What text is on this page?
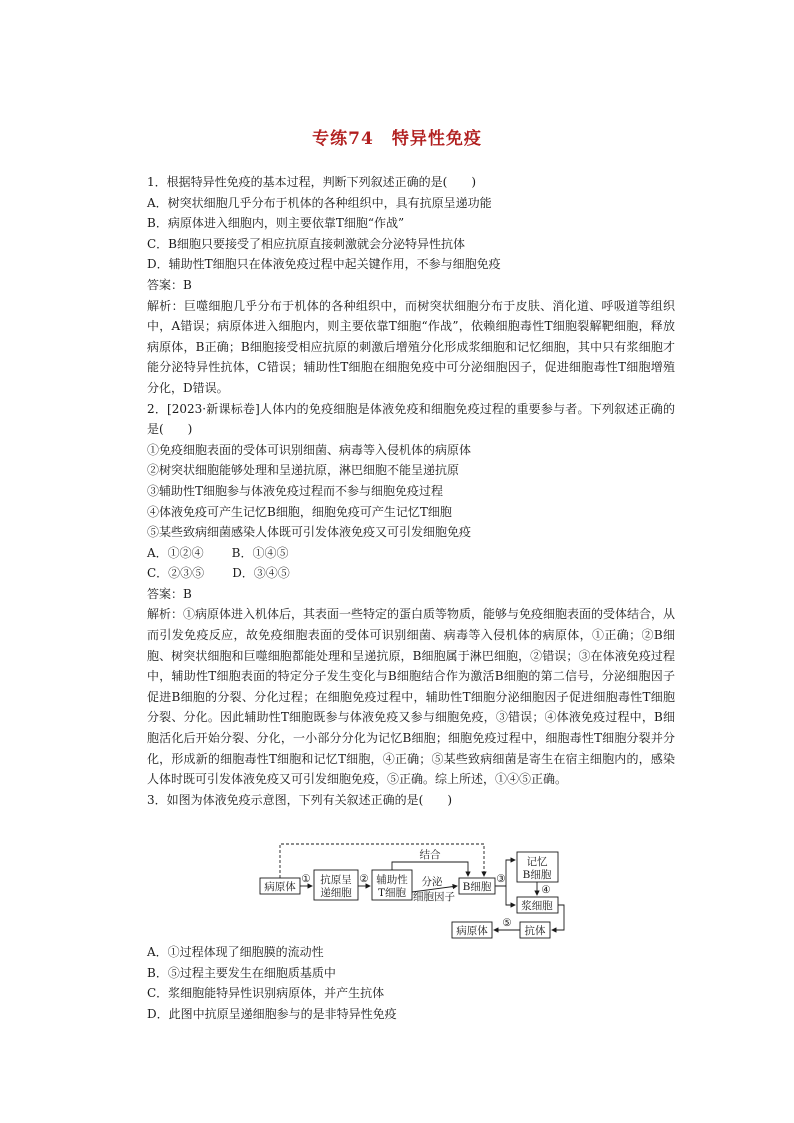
专练74　特异性免疫

1．根据特异性免疫的基本过程，判断下列叙述正确的是(　　)

A．树突状细胞几乎分布于机体的各种组织中，具有抗原呈递功能

B．病原体进入细胞内，则主要依靠T细胞“作战”

C．B细胞只要接受了相应抗原直接刺激就会分泌特异性抗体

D．辅助性T细胞只在体液免疫过程中起关键作用，不参与细胞免疫

答案：B

解析：巨噬细胞几乎分布于机体的各种组织中，而树突状细胞分布于皮肤、消化道、呼吸道等组织中，A错误；病原体进入细胞内，则主要依靠T细胞“作战”，依赖细胞毒性T细胞裂解靶细胞，释放病原体，B正确；B细胞接受相应抗原的刺激后增殖分化形成浆细胞和记忆细胞，其中只有浆细胞才能分泌特异性抗体，C错误；辅助性T细胞在细胞免疫中可分泌细胞因子，促进细胞毒性T细胞增殖分化，D错误。

2．[2023·新课标卷]人体内的免疫细胞是体液免疫和细胞免疫过程的重要参与者。下列叙述正确的是(　　)

①免疫细胞表面的受体可识别细菌、病毒等入侵机体的病原体

②树突状细胞能够处理和呈递抗原，淋巴细胞不能呈递抗原

③辅助性T细胞参与体液免疫过程而不参与细胞免疫过程

④体液免疫可产生记忆B细胞，细胞免疫可产生记忆T细胞

⑤某些致病细菌感染人体既可引发体液免疫又可引发细胞免疫

A．①②④ B．①④⑤

C．②③⑤ D．③④⑤

答案：B

解析：①病原体进入机体后，其表面一些特定的蛋白质等物质，能够与免疫细胞表面的受体结合，从而引发免疫反应，故免疫细胞表面的受体可识别细菌、病毒等入侵机体的病原体，①正确；②B细胞、树突状细胞和巨噬细胞都能处理和呈递抗原，B细胞属于淋巴细胞，②错误；③在体液免疫过程中，辅助性T细胞表面的特定分子发生变化与B细胞结合作为激活B细胞的第二信号，分泌细胞因子促进B细胞的分裂、分化过程；在细胞免疫过程中，辅助性T细胞分泌细胞因子促进细胞毒性T细胞分裂、分化。因此辅助性T细胞既参与体液免疫又参与细胞免疫，③错误；④体液免疫过程中，B细胞活化后开始分裂、分化，一小部分分化为记忆B细胞；细胞免疫过程中，细胞毒性T细胞分裂并分化，形成新的细胞毒性T细胞和记忆T细胞，④正确；⑤某些致病细菌是寄生在宿主细胞内的，感染人体时既可引发体液免疫又可引发细胞免疫，⑤正确。综上所述，①④⑤正确。

3．如图为体液免疫示意图，下列有关叙述正确的是(　　)

病原体
抗原呈
递细胞
辅助性
T细胞	B细胞
记忆
B细胞
浆细胞
抗体
病原体
结合
分泌
细胞因子
①	②	③
④
⑤

A．①过程体现了细胞膜的流动性

B．⑤过程主要发生在细胞质基质中

C．浆细胞能特异性识别病原体，并产生抗体

D．此图中抗原呈递细胞参与的是非特异性免疫
